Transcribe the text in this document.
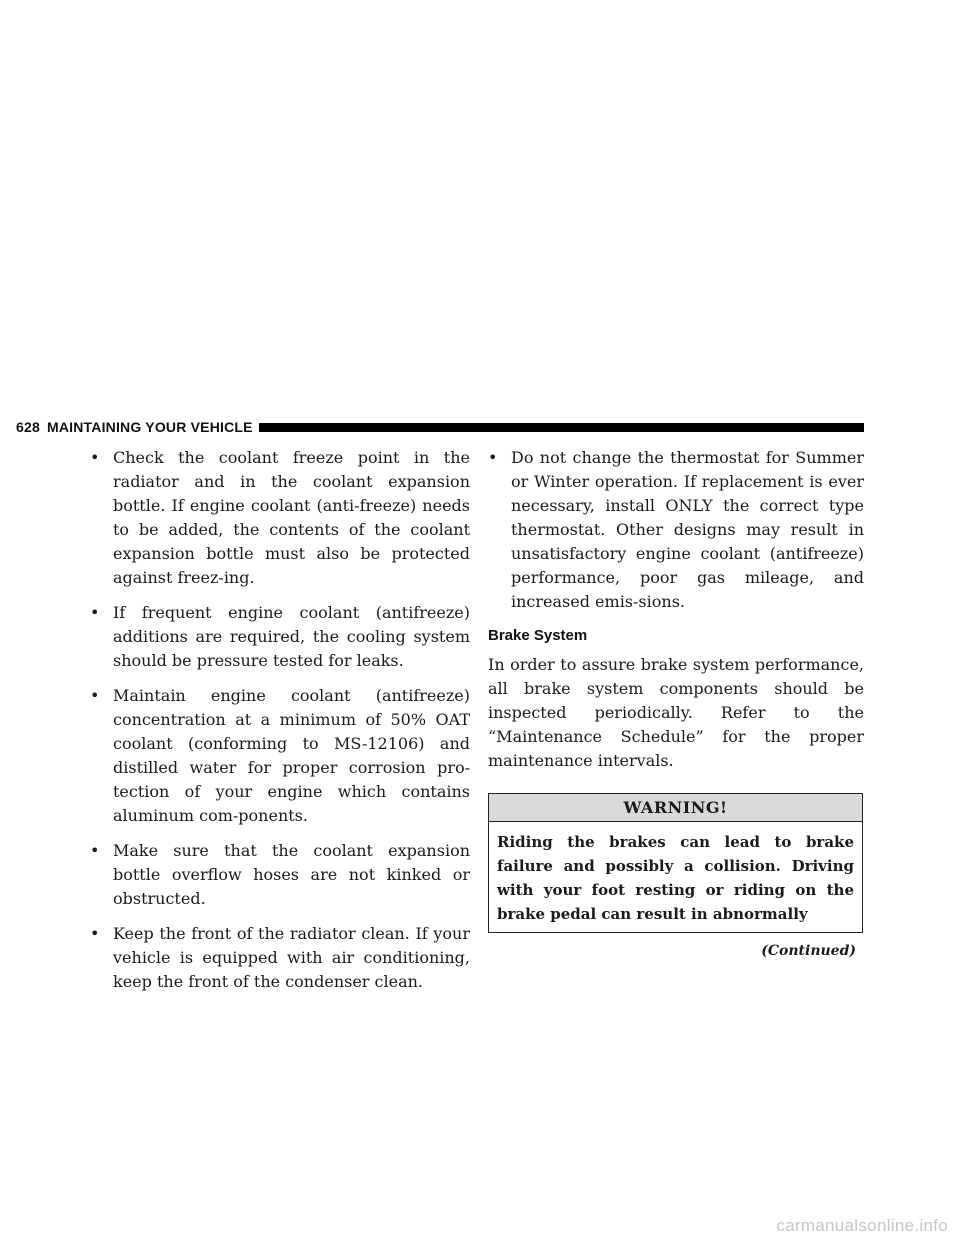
628 MAINTAINING YOUR VEHICLE
• Check the coolant freeze point in the radiator and in the coolant expansion bottle. If engine coolant (anti-freeze) needs to be added, the contents of the coolant expansion bottle must also be protected against freez-ing.
• If frequent engine coolant (antifreeze) additions are required, the cooling system should be pressure tested for leaks.
• Maintain engine coolant (antifreeze) concentration at a minimum of 50% OAT coolant (conforming to MS-12106) and distilled water for proper corrosion pro-tection of your engine which contains aluminum com-ponents.
• Make sure that the coolant expansion bottle overflow hoses are not kinked or obstructed.
• Keep the front of the radiator clean. If your vehicle is equipped with air conditioning, keep the front of the condenser clean.
• Do not change the thermostat for Summer or Winter operation. If replacement is ever necessary, install ONLY the correct type thermostat. Other designs may result in unsatisfactory engine coolant (antifreeze) performance, poor gas mileage, and increased emis-sions.
Brake System

In order to assure brake system performance, all brake system components should be inspected periodically. Refer to the “Maintenance Schedule” for the proper maintenance intervals.

WARNING!
Riding the brakes can lead to brake failure and possibly a collision. Driving with your foot resting or riding on the brake pedal can result in abnormally
(Continued)
carmanualsonline.info
